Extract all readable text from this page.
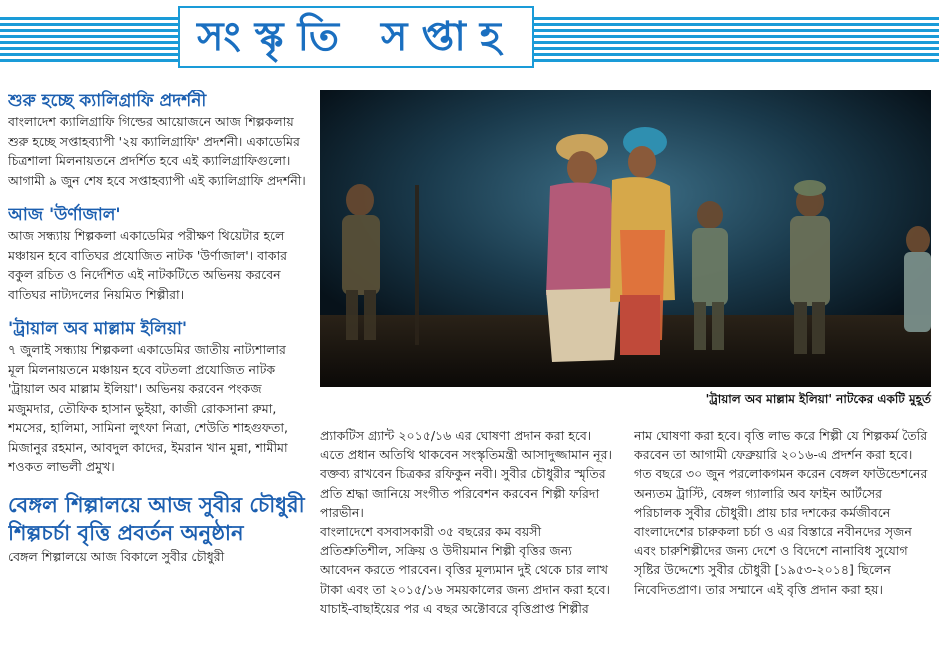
সংস্কৃতি সপ্তাহ
শুরু হচ্ছে ক্যালিগ্রাফি প্রদর্শনী

বাংলাদেশ ক্যালিগ্রাফি গিল্ডের আয়োজনে আজ শিল্পকলায় শুরু হচ্ছে সপ্তাহব্যাপী '২য় ক্যালিগ্রাফি' প্রদর্শনী। একাডেমির চিত্রশালা মিলনায়তনে প্রদর্শিত হবে এই ক্যালিগ্রাফিগুলো। আগামী ৯ জুন শেষ হবে সপ্তাহব্যাপী এই ক্যালিগ্রাফি প্রদর্শনী।

আজ 'উর্ণাজাল'

আজ সন্ধ্যায় শিল্পকলা একাডেমির পরীক্ষণ থিয়েটার হলে মঞ্চায়ন হবে বাতিঘর প্রযোজিত নাটক 'উর্ণাজাল'। বাকার বকুল রচিত ও নির্দেশিত এই নাটকটিতে অভিনয় করবেন বাতিঘর নাট্যদলের নিয়মিত শিল্পীরা।

'ট্রায়াল অব মাল্লাম ইলিয়া'

৭ জুলাই সন্ধ্যায় শিল্পকলা একাডেমির জাতীয় নাট্যশালার মূল মিলনায়তনে মঞ্চায়ন হবে বটতলা প্রযোজিত নাটক 'ট্রায়াল অব মাল্লাম ইলিয়া'। অভিনয় করবেন পংকজ মজুমদার, তৌফিক হাসান ভুইয়া, কাজী রোকসানা রুমা, শমসের, হালিমা, সামিনা লুৎফা নিত্রা, শেউতি শাহগুফতা, মিজানুর রহমান, আবদুল কাদের, ইমরান খান মুন্না, শামীমা শওকত লাভলী প্রমুখ।

বেঙ্গল শিল্পালয়ে আজ সুবীর চৌধুরী শিল্পচর্চা বৃত্তি প্রবর্তন অনুষ্ঠান

বেঙ্গল শিল্পালয়ে আজ বিকালে সুবীর চৌধুরী

'ট্রায়াল অব মাল্লাম ইলিয়া' নাটকের একটি মুহূর্ত

প্র্যাকটিস গ্র্যান্ট ২০১৫/১৬ এর ঘোষণা প্রদান করা হবে। এতে প্রধান অতিথি থাকবেন সংস্কৃতিমন্ত্রী আসাদুজ্জামান নূর। বক্তব্য রাখবেন চিত্রকর রফিকুন নবী। সুবীর চৌধুরীর স্মৃতির প্রতি শ্রদ্ধা জানিয়ে সংগীত পরিবেশন করবেন শিল্পী ফরিদা পারভীন।

বাংলাদেশে বসবাসকারী ৩৫ বছরের কম বয়সী প্রতিশ্রুতিশীল, সক্রিয় ও উদীয়মান শিল্পী বৃত্তির জন্য আবেদন করতে পারবেন। বৃত্তির মূল্যমান দুই থেকে চার লাখ টাকা এবং তা ২০১৫/১৬ সময়কালের জন্য প্রদান করা হবে। যাচাই-বাছাইয়ের পর এ বছর অক্টোবরে বৃত্তিপ্রাপ্ত শিল্পীর

নাম ঘোষণা করা হবে। বৃত্তি লাভ করে শিল্পী যে শিল্পকর্ম তৈরি করবেন তা আগামী ফেব্রুয়ারি ২০১৬-এ প্রদর্শন করা হবে।

গত বছরে ৩০ জুন পরলোকগমন করেন বেঙ্গল ফাউন্ডেশনের অন্যতম ট্রাস্টি, বেঙ্গল গ্যালারি অব ফাইন আর্টসের পরিচালক সুবীর চৌধুরী। প্রায় চার দশকের কর্মজীবনে বাংলাদেশের চারুকলা চর্চা ও এর বিস্তারে নবীনদের সৃজন এবং চারুশিল্পীদের জন্য দেশে ও বিদেশে নানাবিধ সুযোগ সৃষ্টির উদ্দেশ্যে সুবীর চৌধুরী [১৯৫৩-২০১৪] ছিলেন নিবেদিতপ্রাণ। তার সম্মানে এই বৃত্তি প্রদান করা হয়।
